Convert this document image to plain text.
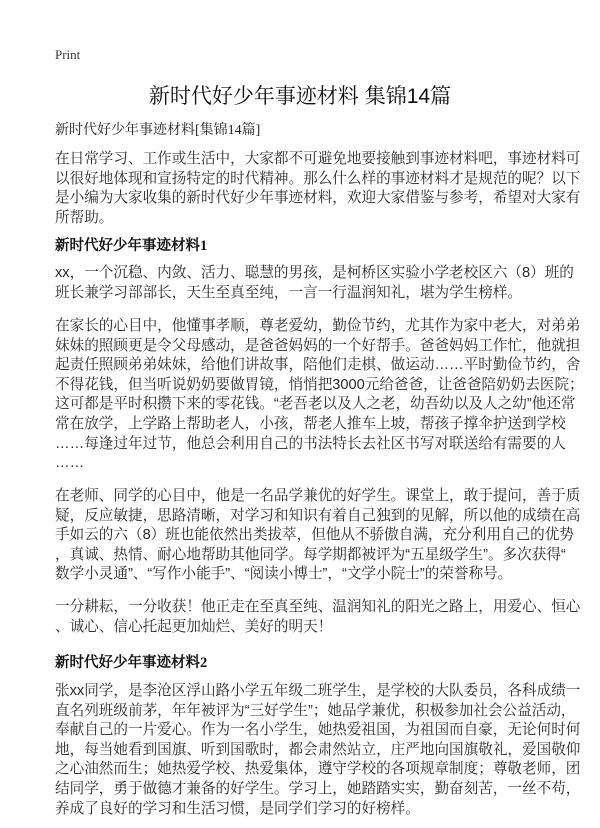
Print
新时代好少年事迹材料 集锦14篇
新时代好少年事迹材料[集锦14篇]
在日常学习、工作或生活中，大家都不可避免地要接触到事迹材料吧，事迹材料可
以很好地体现和宣扬特定的时代精神。那么什么样的事迹材料才是规范的呢？以下
是小编为大家收集的新时代好少年事迹材料，欢迎大家借鉴与参考，希望对大家有
所帮助。
新时代好少年事迹材料1
xx，一个沉稳、内敛、活力、聪慧的男孩，是柯桥区实验小学老校区六（8）班的
班长兼学习部部长，天生至真至纯，一言一行温润知礼，堪为学生榜样。
在家长的心目中，他懂事孝顺，尊老爱幼，勤俭节约，尤其作为家中老大，对弟弟
妹妹的照顾更是令父母感动，是爸爸妈妈的一个好帮手。爸爸妈妈工作忙，他就担
起责任照顾弟弟妹妹，给他们讲故事，陪他们走棋、做运动……平时勤俭节约，舍
不得花钱，但当听说奶奶要做胃镜，悄悄把3000元给爸爸，让爸爸陪奶奶去医院；
这可都是平时积攒下来的零花钱。“老吾老以及人之老，幼吾幼以及人之幼”他还常
常在放学，上学路上帮助老人，小孩，帮老人推车上坡，帮孩子撑伞护送到学校
……每逢过年过节，他总会利用自己的书法特长去社区书写对联送给有需要的人
……
在老师、同学的心目中，他是一名品学兼优的好学生。课堂上，敢于提问，善于质
疑，反应敏捷，思路清晰，对学习和知识有着自己独到的见解，所以他的成绩在高
手如云的六（8）班也能依然出类拔萃，但他从不骄傲自满，充分利用自己的优势
，真诚、热情、耐心地帮助其他同学。每学期都被评为“五星级学生”。多次获得“
数学小灵通”、“写作小能手”、“阅读小博士”，“文学小院士”的荣誉称号。
一分耕耘，一分收获！他正走在至真至纯、温润知礼的阳光之路上，用爱心、恒心
、诚心、信心托起更加灿烂、美好的明天！
新时代好少年事迹材料2
张xx同学，是李沧区浮山路小学五年级二班学生，是学校的大队委员，各科成绩一
直名列班级前茅，年年被评为“三好学生”；她品学兼优，积极参加社会公益活动，
奉献自己的一片爱心。作为一名小学生，她热爱祖国，为祖国而自豪，无论何时何
地，每当她看到国旗、听到国歌时，都会肃然站立，庄严地向国旗敬礼，爱国敬仰
之心油然而生；她热爱学校、热爱集体，遵守学校的各项规章制度；尊敬老师，团
结同学，勇于做德才兼备的好学生。学习上，她踏踏实实，勤奋刻苦，一丝不苟，
养成了良好的学习和生活习惯，是同学们学习的好榜样。
